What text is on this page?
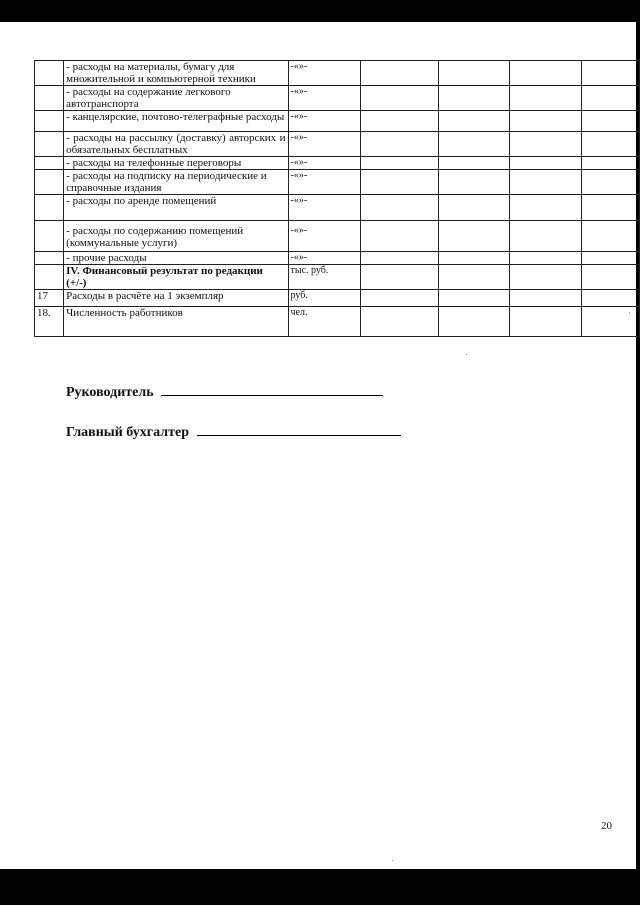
	- расходы на материалы, бумагу для множительной и компьютерной техники	-«»-				
	- расходы на содержание легкового автотранспорта	-«»-				
	- канцелярские, почтово-телеграфные расходы	-«»-				
	- расходы на рассылку (доставку) авторских и обязательных бесплатных	-«»-				
	- расходы на телефонные переговоры	-«»-				
	- расходы на подписку на периодические и справочные издания	-«»-				
	- расходы по аренде помещений	-«»-				
	- расходы по содержанию помещений (коммунальные услуги)	-«»-				
	- прочие расходы	-«»-				
	IV. Финансовый результат по редакции (+/-)	тыс. руб.				
17	Расходы в расчёте на 1 экземпляр	руб.				
18.	Численность работников	чел.				
Руководитель
Главный бухгалтер
20
